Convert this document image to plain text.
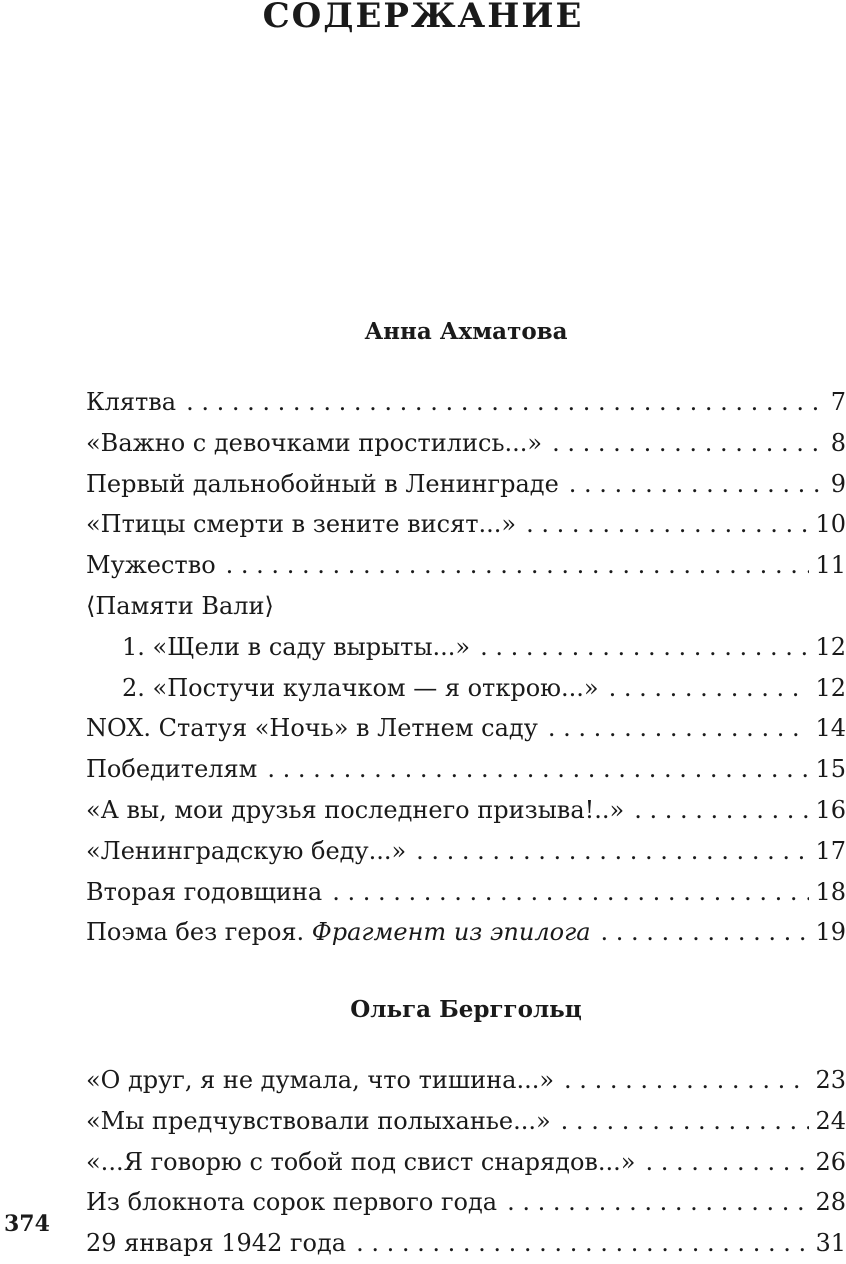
СОДЕРЖАНИЕ
Анна Ахматова
Клятва . . .	7
«Важно с девочками простились...» . . .	8
Первый дальнобойный в Ленинграде . . .	9
«Птицы смерти в зените висят...» . . .	10
Мужество . . .	11
⟨Памяти Вали⟩
1. «Щели в саду вырыты...» . . .	12
2. «Постучи кулачком — я открою...» . . .	12
NOX. Статуя «Ночь» в Летнем саду . . .	14
Победителям . . .	15
«А вы, мои друзья последнего призыва!..» . . .	16
«Ленинградскую беду...» . . .	17
Вторая годовщина . . .	18
Поэма без героя. Фрагмент из эпилога . . .	19
Ольга Берггольц
«О друг, я не думала, что тишина...» . . .	23
«Мы предчувствовали полыханье...» . . .	24
«...Я говорю с тобой под свист снарядов...» . . .	26
Из блокнота сорок первого года . . .	28
29 января 1942 года . . .	31
374
